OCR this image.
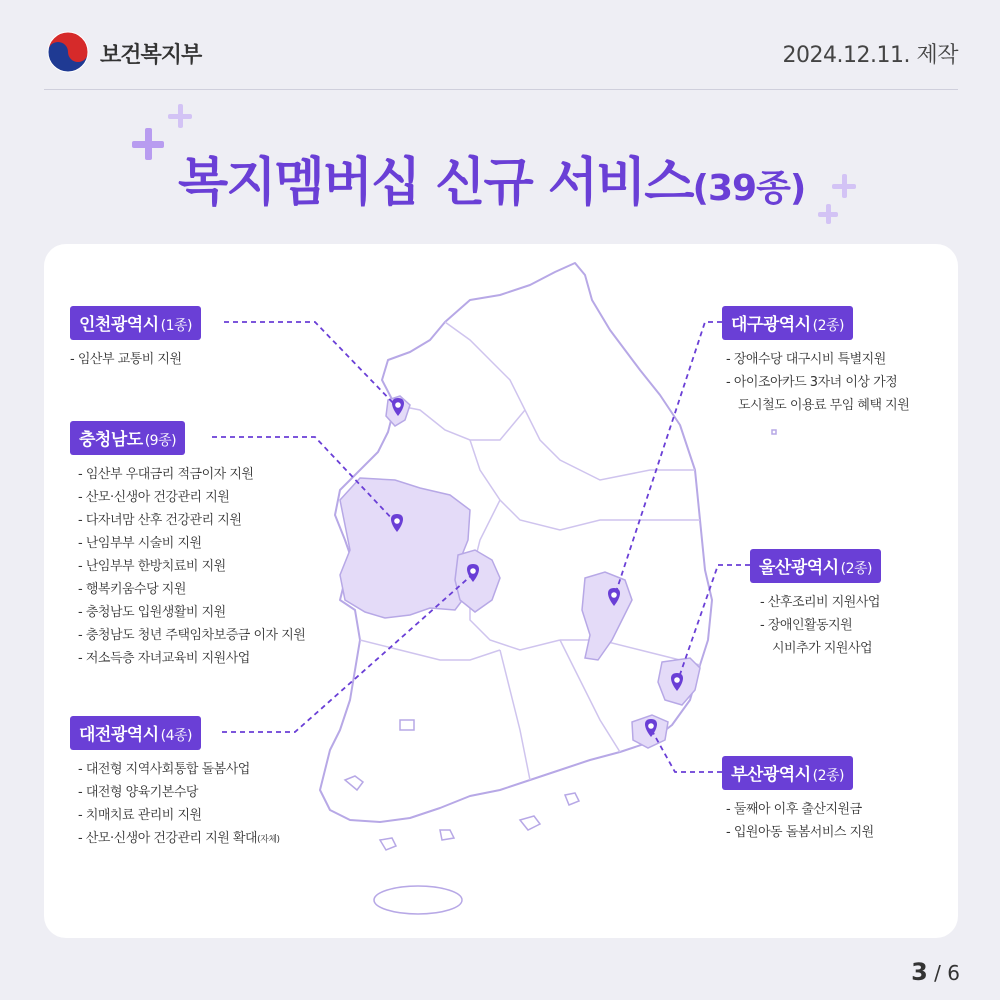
보건복지부	2024.12.11. 제작
복지멤버십 신규 서비스(39종)
인천광역시 (1종)
- 임산부 교통비 지원
충청남도 (9종)
- 임산부 우대금리 적금이자 지원
- 산모·신생아 건강관리 지원
- 다자녀맘 산후 건강관리 지원
- 난임부부 시술비 지원
- 난임부부 한방치료비 지원
- 행복키움수당 지원
- 충청남도 입원생활비 지원
- 충청남도 청년 주택임차보증금 이자 지원
- 저소득층 자녀교육비 지원사업
대전광역시 (4종)
- 대전형 지역사회통합 돌봄사업
- 대전형 양육기본수당
- 치매치료 관리비 지원
- 산모·신생아 건강관리 지원 확대(자체)
대구광역시 (2종)
- 장애수당 대구시비 특별지원
- 아이조아카드 3자녀 이상 가정
도시철도 이용료 무임 혜택 지원
울산광역시 (2종)
- 산후조리비 지원사업
- 장애인활동지원
시비추가 지원사업
부산광역시 (2종)
- 둘째아 이후 출산지원금
- 입원아동 돌봄서비스 지원
3 / 6
